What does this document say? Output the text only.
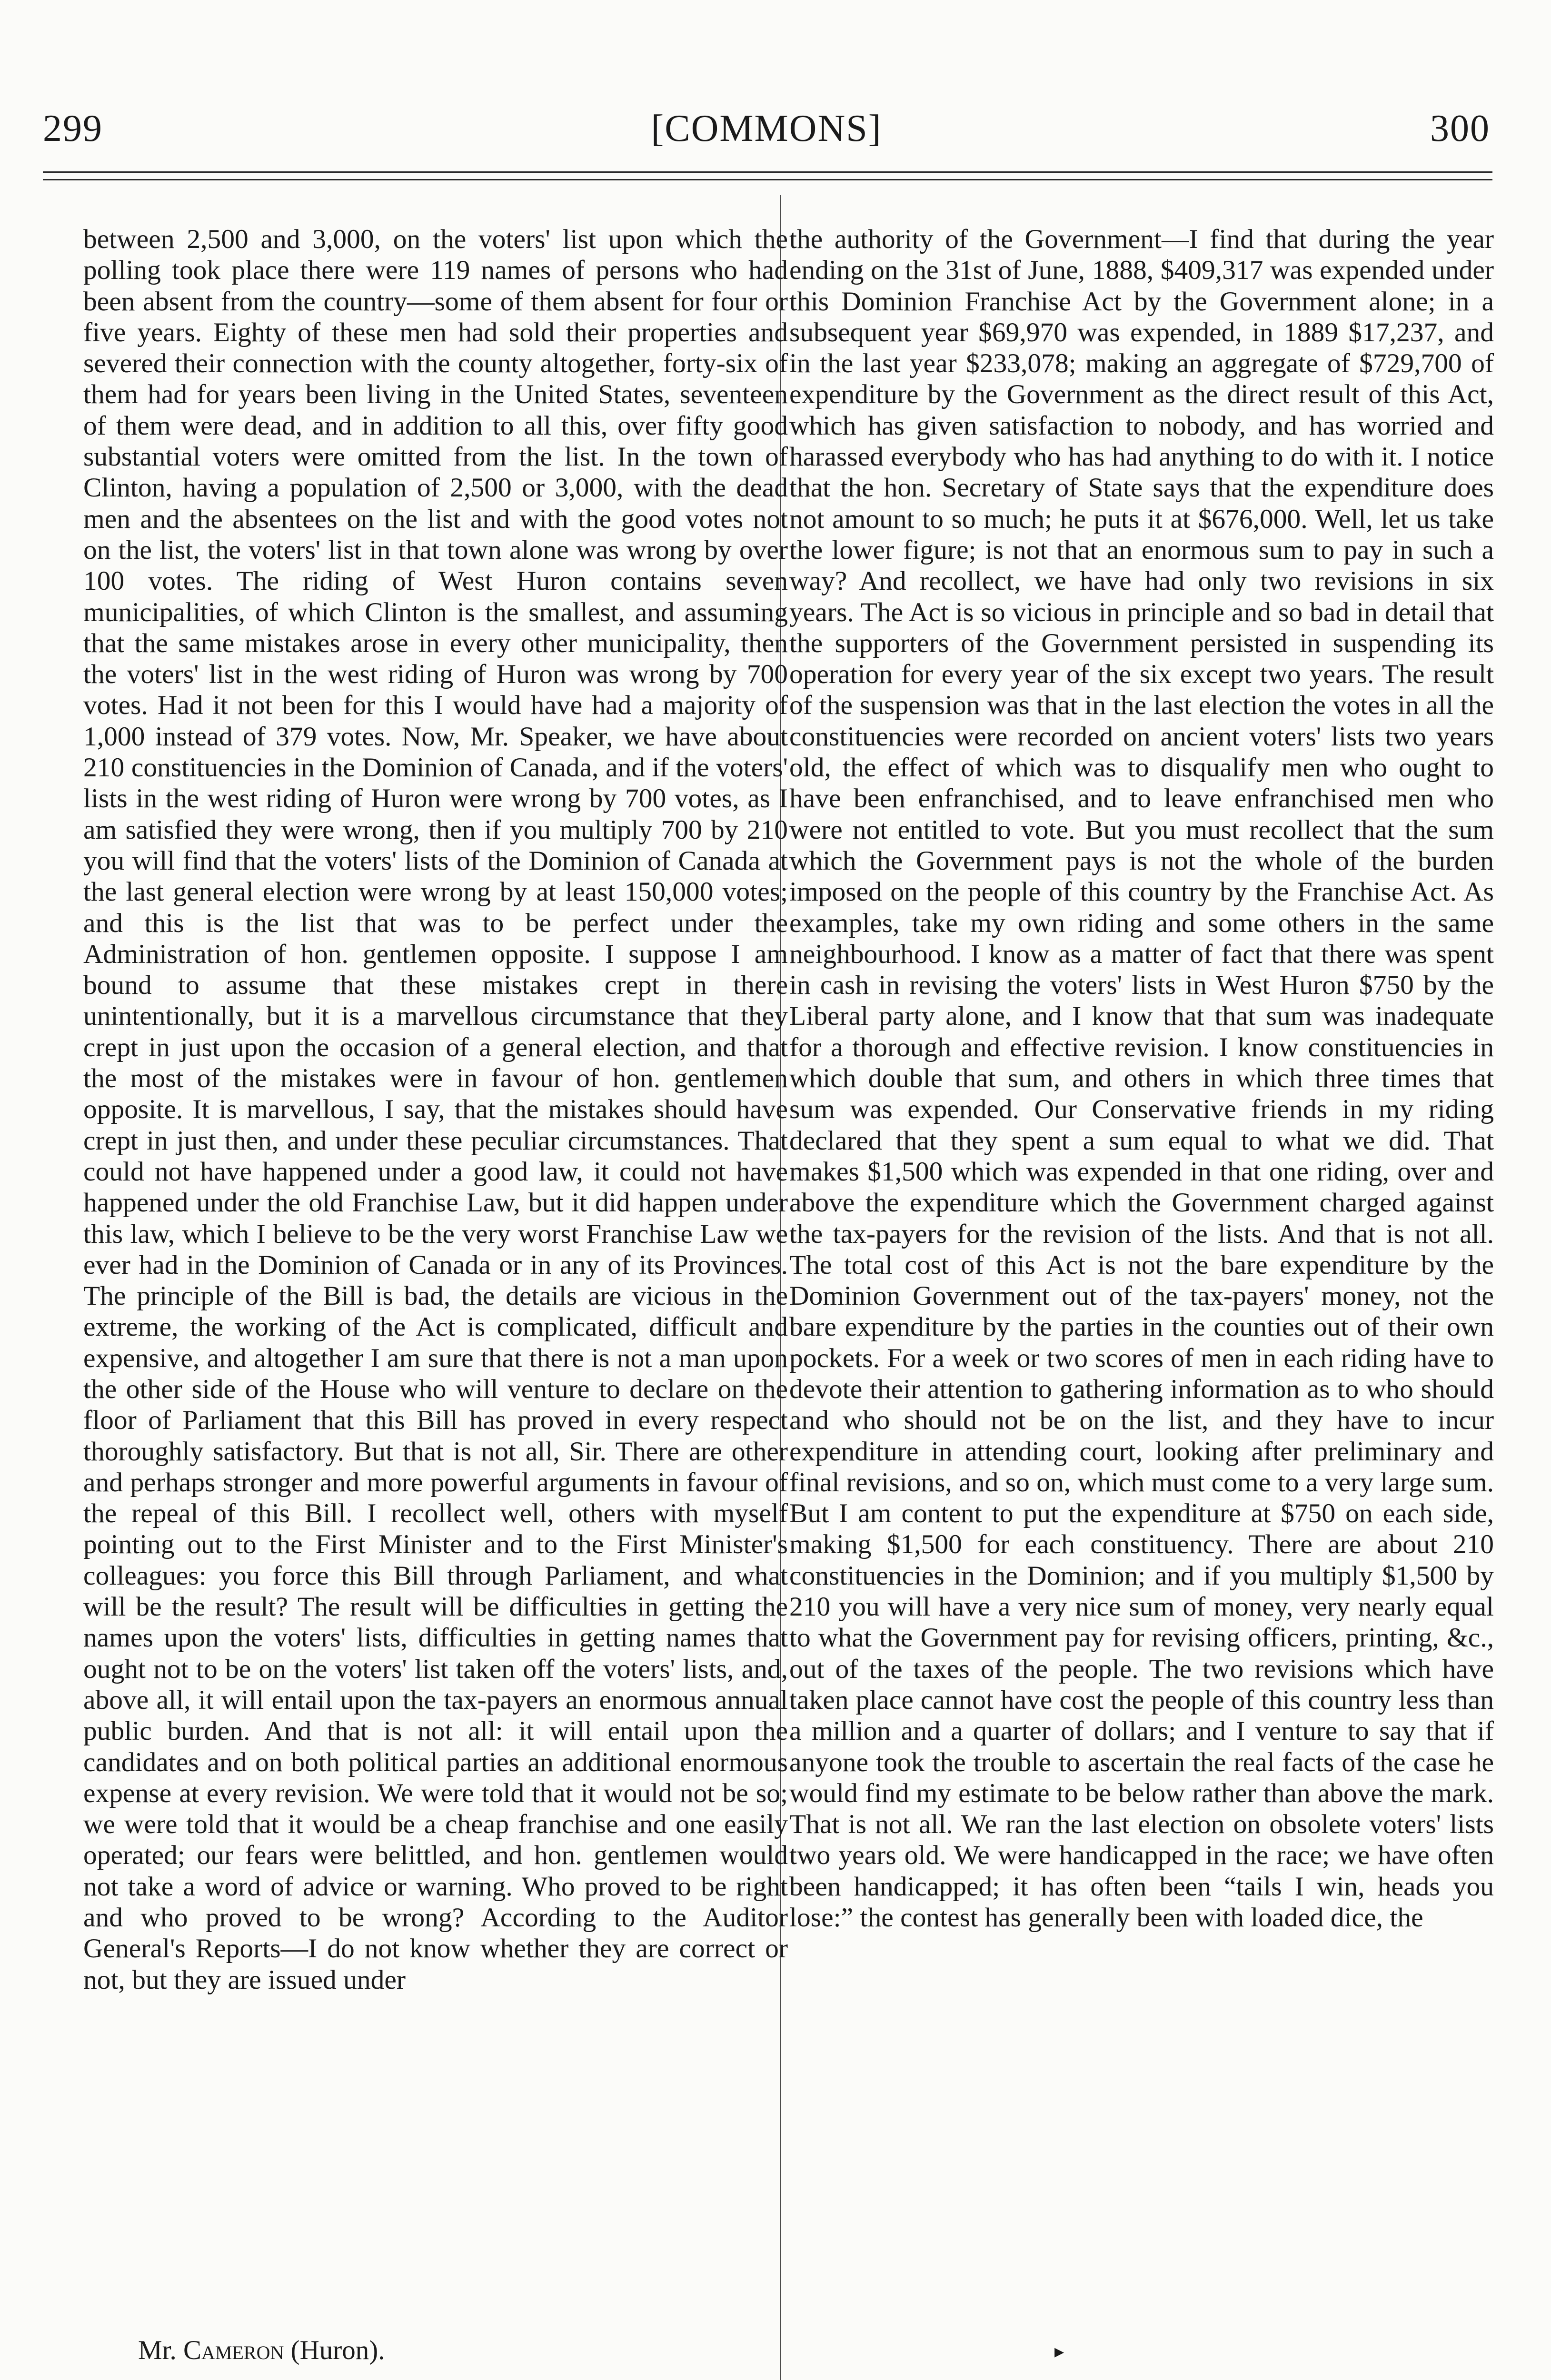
299	[COMMONS]	300

between 2,500 and 3,000, on the voters' list upon which the polling took place there were 119 names of persons who had been absent from the country—some of them absent for four or five years. Eighty of these men had sold their properties and severed their connection with the county altogether, forty-six of them had for years been living in the United States, seventeen of them were dead, and in addition to all this, over fifty good substantial voters were omitted from the list. In the town of Clinton, having a population of 2,500 or 3,000, with the dead men and the absentees on the list and with the good votes not on the list, the voters' list in that town alone was wrong by over 100 votes. The riding of West Huron contains seven municipalities, of which Clinton is the smallest, and assuming that the same mistakes arose in every other municipality, then the voters' list in the west riding of Huron was wrong by 700 votes. Had it not been for this I would have had a majority of 1,000 instead of 379 votes. Now, Mr. Speaker, we have about 210 constituencies in the Dominion of Canada, and if the voters' lists in the west riding of Huron were wrong by 700 votes, as I am satisfied they were wrong, then if you multiply 700 by 210 you will find that the voters' lists of the Dominion of Canada at the last general election were wrong by at least 150,000 votes; and this is the list that was to be perfect under the Administration of hon. gentlemen opposite. I suppose I am bound to assume that these mistakes crept in there unintentionally, but it is a marvellous circumstance that they crept in just upon the occasion of a general election, and that the most of the mistakes were in favour of hon. gentlemen opposite. It is marvellous, I say, that the mistakes should have crept in just then, and under these peculiar circumstances. That could not have happened under a good law, it could not have happened under the old Franchise Law, but it did happen under this law, which I believe to be the very worst Franchise Law we ever had in the Dominion of Canada or in any of its Provinces. The principle of the Bill is bad, the details are vicious in the extreme, the working of the Act is complicated, difficult and expensive, and altogether I am sure that there is not a man upon the other side of the House who will venture to declare on the floor of Parliament that this Bill has proved in every respect thoroughly satisfactory. But that is not all, Sir. There are other and perhaps stronger and more powerful arguments in favour of the repeal of this Bill. I recollect well, others with myself pointing out to the First Minister and to the First Minister's colleagues: you force this Bill through Parliament, and what will be the result? The result will be difficulties in getting the names upon the voters' lists, difficulties in getting names that ought not to be on the voters' list taken off the voters' lists, and, above all, it will entail upon the tax-payers an enormous annual public burden. And that is not all: it will entail upon the candidates and on both political parties an additional enormous expense at every revision. We were told that it would not be so; we were told that it would be a cheap franchise and one easily operated; our fears were belittled, and hon. gentlemen would not take a word of advice or warning. Who proved to be right and who proved to be wrong? According to the Auditor General's Reports—I do not know whether they are correct or not, but they are issued under

the authority of the Government—I find that during the year ending on the 31st of June, 1888, $409,317 was expended under this Dominion Franchise Act by the Government alone; in a subsequent year $69,970 was expended, in 1889 $17,237, and in the last year $233,078; making an aggregate of $729,700 of expenditure by the Government as the direct result of this Act, which has given satisfaction to nobody, and has worried and harassed everybody who has had anything to do with it. I notice that the hon. Secretary of State says that the expenditure does not amount to so much; he puts it at $676,000. Well, let us take the lower figure; is not that an enormous sum to pay in such a way? And recollect, we have had only two revisions in six years. The Act is so vicious in principle and so bad in detail that the supporters of the Government persisted in suspending its operation for every year of the six except two years. The result of the suspension was that in the last election the votes in all the constituencies were recorded on ancient voters' lists two years old, the effect of which was to disqualify men who ought to have been enfranchised, and to leave enfranchised men who were not entitled to vote. But you must recollect that the sum which the Government pays is not the whole of the burden imposed on the people of this country by the Franchise Act. As examples, take my own riding and some others in the same neighbourhood. I know as a matter of fact that there was spent in cash in revising the voters' lists in West Huron $750 by the Liberal party alone, and I know that that sum was inadequate for a thorough and effective revision. I know constituencies in which double that sum, and others in which three times that sum was expended. Our Conservative friends in my riding declared that they spent a sum equal to what we did. That makes $1,500 which was expended in that one riding, over and above the expenditure which the Government charged against the tax-payers for the revision of the lists. And that is not all. The total cost of this Act is not the bare expenditure by the Dominion Government out of the tax-payers' money, not the bare expenditure by the parties in the counties out of their own pockets. For a week or two scores of men in each riding have to devote their attention to gathering information as to who should and who should not be on the list, and they have to incur expenditure in attending court, looking after preliminary and final revisions, and so on, which must come to a very large sum. But I am content to put the expenditure at $750 on each side, making $1,500 for each constituency. There are about 210 constituencies in the Dominion; and if you multiply $1,500 by 210 you will have a very nice sum of money, very nearly equal to what the Government pay for revising officers, printing, &c., out of the taxes of the people. The two revisions which have taken place cannot have cost the people of this country less than a million and a quarter of dollars; and I venture to say that if anyone took the trouble to ascertain the real facts of the case he would find my estimate to be below rather than above the mark. That is not all. We ran the last election on obsolete voters' lists two years old. We were handicapped in the race; we have often been handicapped; it has often been “tails I win, heads you lose:” the contest has generally been with loaded dice, the

Mr. Cameron (Huron).	▸
